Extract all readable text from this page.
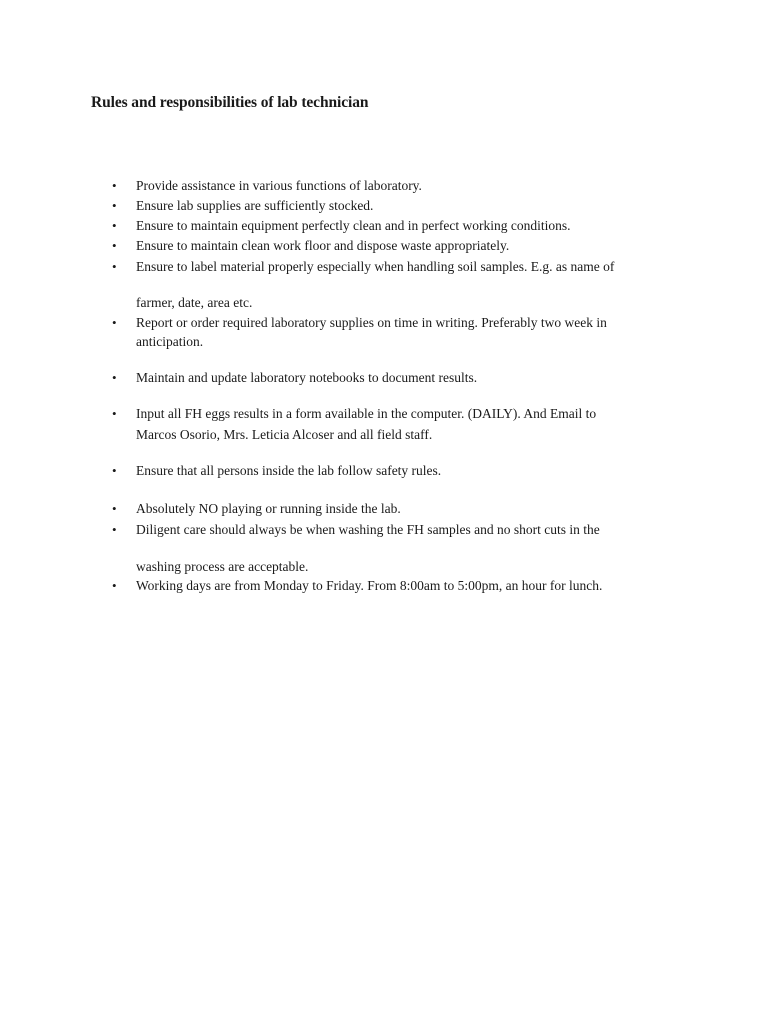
Rules and responsibilities of lab technician
• Provide assistance in various functions of laboratory.
• Ensure lab supplies are sufficiently stocked.
• Ensure to maintain equipment perfectly clean and in perfect working conditions.
• Ensure to maintain clean work floor and dispose waste appropriately.
• Ensure to label material properly especially when handling soil samples. E.g. as name of
farmer, date, area etc.
• Report or order required laboratory supplies on time in writing. Preferably two week in
anticipation.
• Maintain and update laboratory notebooks to document results.
• Input all FH eggs results in a form available in the computer. (DAILY). And Email to
Marcos Osorio, Mrs. Leticia Alcoser and all field staff.
• Ensure that all persons inside the lab follow safety rules.
• Absolutely NO playing or running inside the lab.
• Diligent care should always be when washing the FH samples and no short cuts in the
washing process are acceptable.
• Working days are from Monday to Friday. From 8:00am to 5:00pm, an hour for lunch.
